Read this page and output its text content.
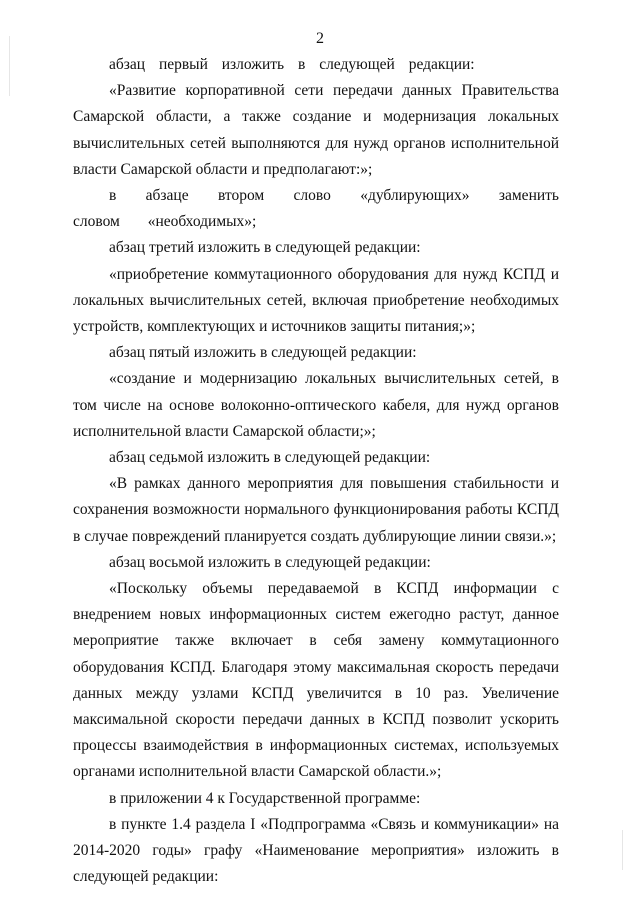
2

абзац первый изложить в следующей редакции:

«Развитие корпоративной сети передачи данных Правительства Самарской области, а также создание и модернизация локальных вычислительных сетей выполняются для нужд органов исполнительной власти Самарской области и предполагают:»;

в абзаце втором слово «дублирующих» заменить словом «необходимых»;

абзац третий изложить в следующей редакции:

«приобретение коммутационного оборудования для нужд КСПД и локальных вычислительных сетей, включая приобретение необходимых устройств, комплектующих и источников защиты питания;»;

абзац пятый изложить в следующей редакции:

«создание и модернизацию локальных вычислительных сетей, в том числе на основе волоконно-оптического кабеля, для нужд органов исполнительной власти Самарской области;»;

абзац седьмой изложить в следующей редакции:

«В рамках данного мероприятия для повышения стабильности и сохранения возможности нормального функционирования работы КСПД в случае повреждений планируется создать дублирующие линии связи.»;

абзац восьмой изложить в следующей редакции:

«Поскольку объемы передаваемой в КСПД информации с внедрением новых информационных систем ежегодно растут, данное мероприятие также включает в себя замену коммутационного оборудования КСПД. Благодаря этому максимальная скорость передачи данных между узлами КСПД увеличится в 10 раз. Увеличение максимальной скорости передачи данных в КСПД позволит ускорить процессы взаимодействия в информационных системах, используемых органами исполнительной власти Самарской области.»;

в приложении 4 к Государственной программе:

в пункте 1.4 раздела I «Подпрограмма «Связь и коммуникации» на 2014-2020 годы» графу «Наименование мероприятия» изложить в следующей редакции:
